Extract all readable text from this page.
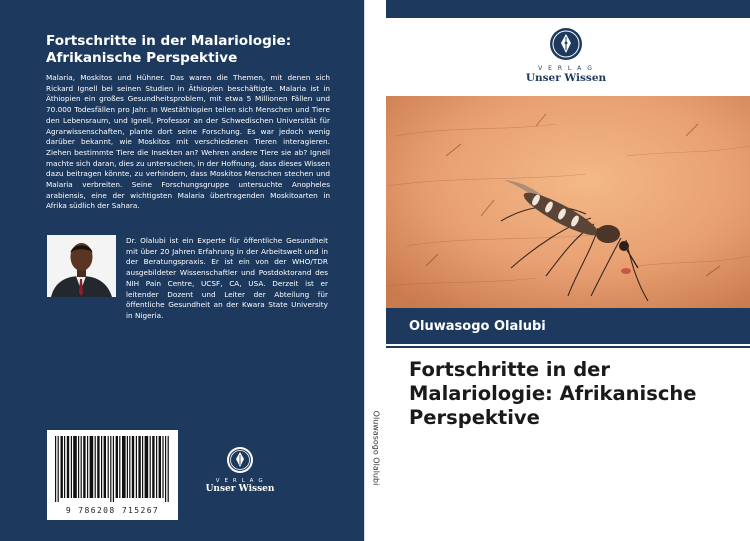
Fortschritte in der Malariologie: Afrikanische Perspektive
Malaria, Moskitos und Hühner. Das waren die Themen, mit denen sich Rickard Ignell bei seinen Studien in Äthiopien beschäftigte. Malaria ist in Äthiopien ein großes Gesundheitsproblem, mit etwa 5 Millionen Fällen und 70.000 Todesfällen pro Jahr. In Westäthiopien teilen sich Menschen und Tiere den Lebensraum, und Ignell, Professor an der Schwedischen Universität für Agrarwissenschaften, plante dort seine Forschung. Es war jedoch wenig darüber bekannt, wie Moskitos mit verschiedenen Tieren interagieren. Ziehen bestimmte Tiere die Insekten an? Wehren andere Tiere sie ab? Ignell machte sich daran, dies zu untersuchen, in der Hoffnung, dass dieses Wissen dazu beitragen könnte, zu verhindern, dass Moskitos Menschen stechen und Malaria verbreiten. Seine Forschungsgruppe untersuchte Anopheles arabiensis, eine der wichtigsten Malaria übertragenden Moskitoarten in Afrika südlich der Sahara.
Dr. Olalubi ist ein Experte für öffentliche Gesundheit mit über 20 Jahren Erfahrung in der Arbeitswelt und in der Beratungspraxis. Er ist ein von der WHO/TDR ausgebildeter Wissenschaftler und Postdoktorand des NIH Pain Centre, UCSF, CA, USA. Derzeit ist er leitender Dozent und Leiter der Abteilung für öffentliche Gesundheit an der Kwara State University in Nigeria.
9 786208 715267
V E R L A G
Unser Wissen
Oluwasogo Olalubi
V E R L A G
Unser Wissen
Oluwasogo Olalubi
Fortschritte in der Malariologie: Afrikanische Perspektive
